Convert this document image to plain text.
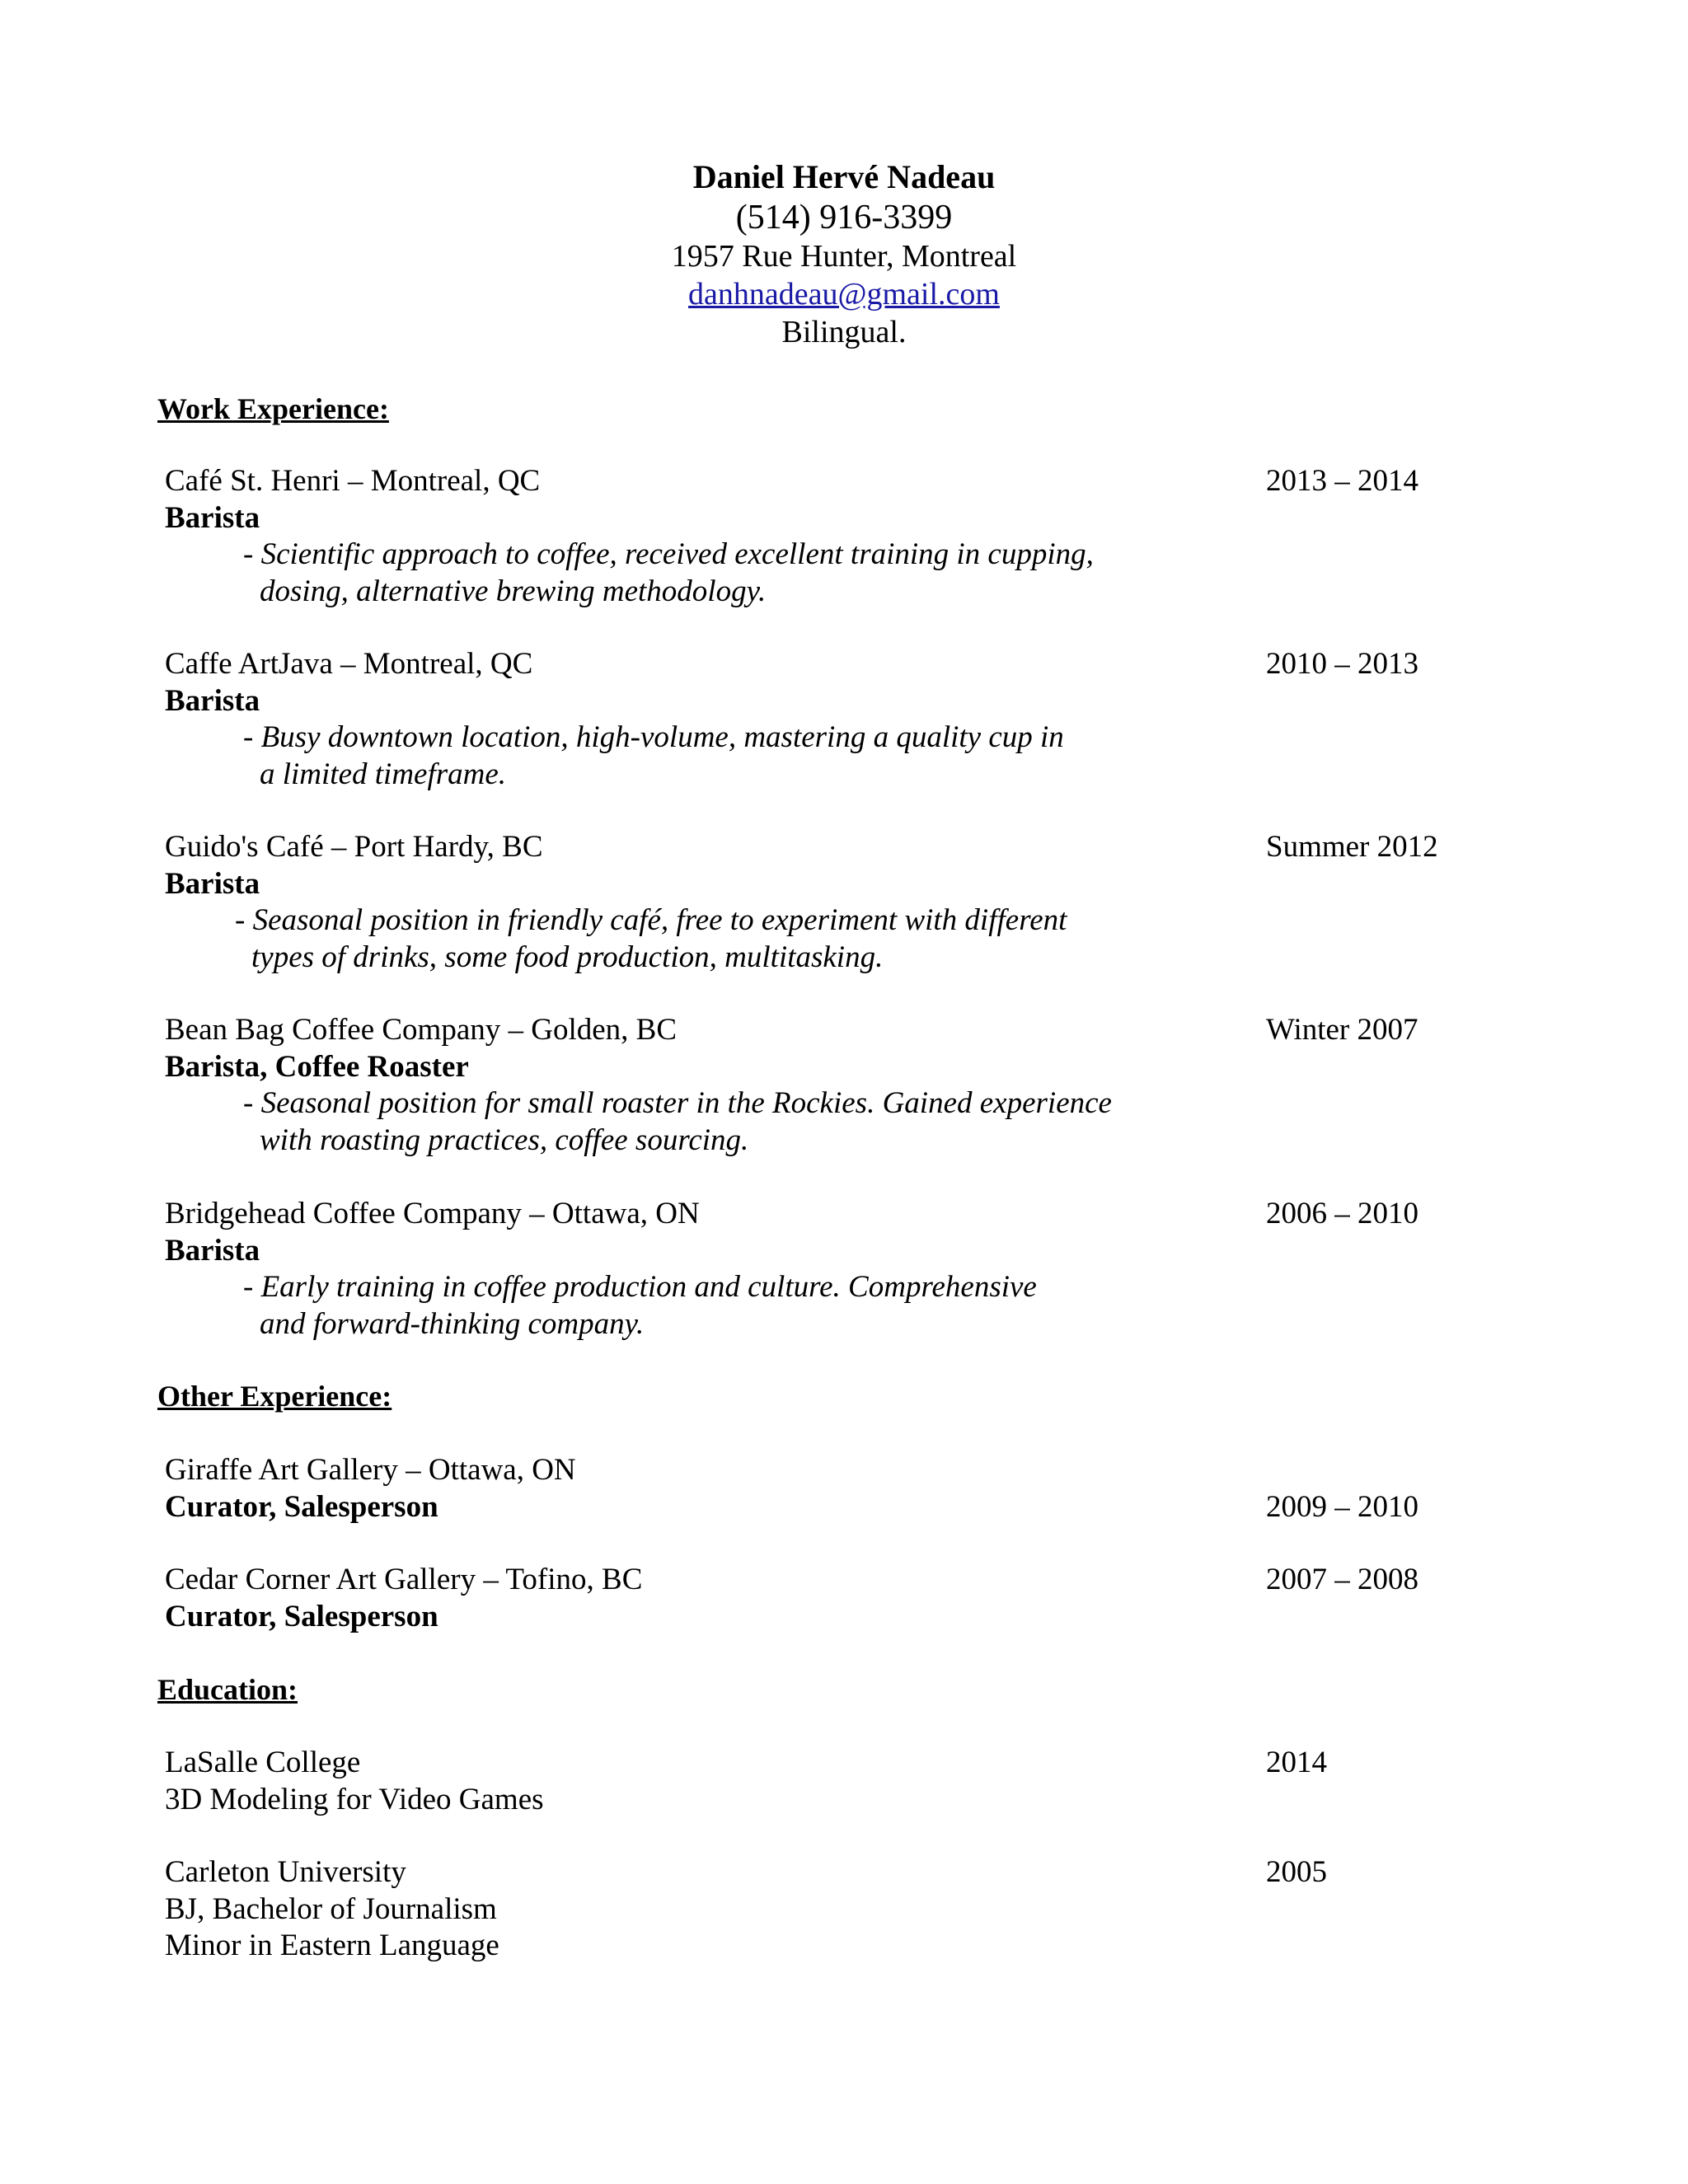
Daniel Hervé Nadeau
(514) 916-3399
1957 Rue Hunter, Montreal
danhnadeau@gmail.com
Bilingual.
Work Experience:
Café St. Henri – Montreal, QC	2013 – 2014
Barista
- Scientific approach to coffee, received excellent training in cupping,
dosing, alternative brewing methodology.
Caffe ArtJava – Montreal, QC	2010 – 2013
Barista
- Busy downtown location, high-volume, mastering a quality cup in
a limited timeframe.
Guido's Café – Port Hardy, BC	Summer 2012
Barista
- Seasonal position in friendly café, free to experiment with different
types of drinks, some food production, multitasking.
Bean Bag Coffee Company – Golden, BC	Winter 2007
Barista, Coffee Roaster
- Seasonal position for small roaster in the Rockies. Gained experience
with roasting practices, coffee sourcing.
Bridgehead Coffee Company – Ottawa, ON	2006 – 2010
Barista
- Early training in coffee production and culture. Comprehensive
and forward-thinking company.
Other Experience:
Giraffe Art Gallery – Ottawa, ON
Curator, Salesperson	2009 – 2010
Cedar Corner Art Gallery – Tofino, BC	2007 – 2008
Curator, Salesperson
Education:
LaSalle College	2014
3D Modeling for Video Games
Carleton University	2005
BJ, Bachelor of Journalism
Minor in Eastern Language
